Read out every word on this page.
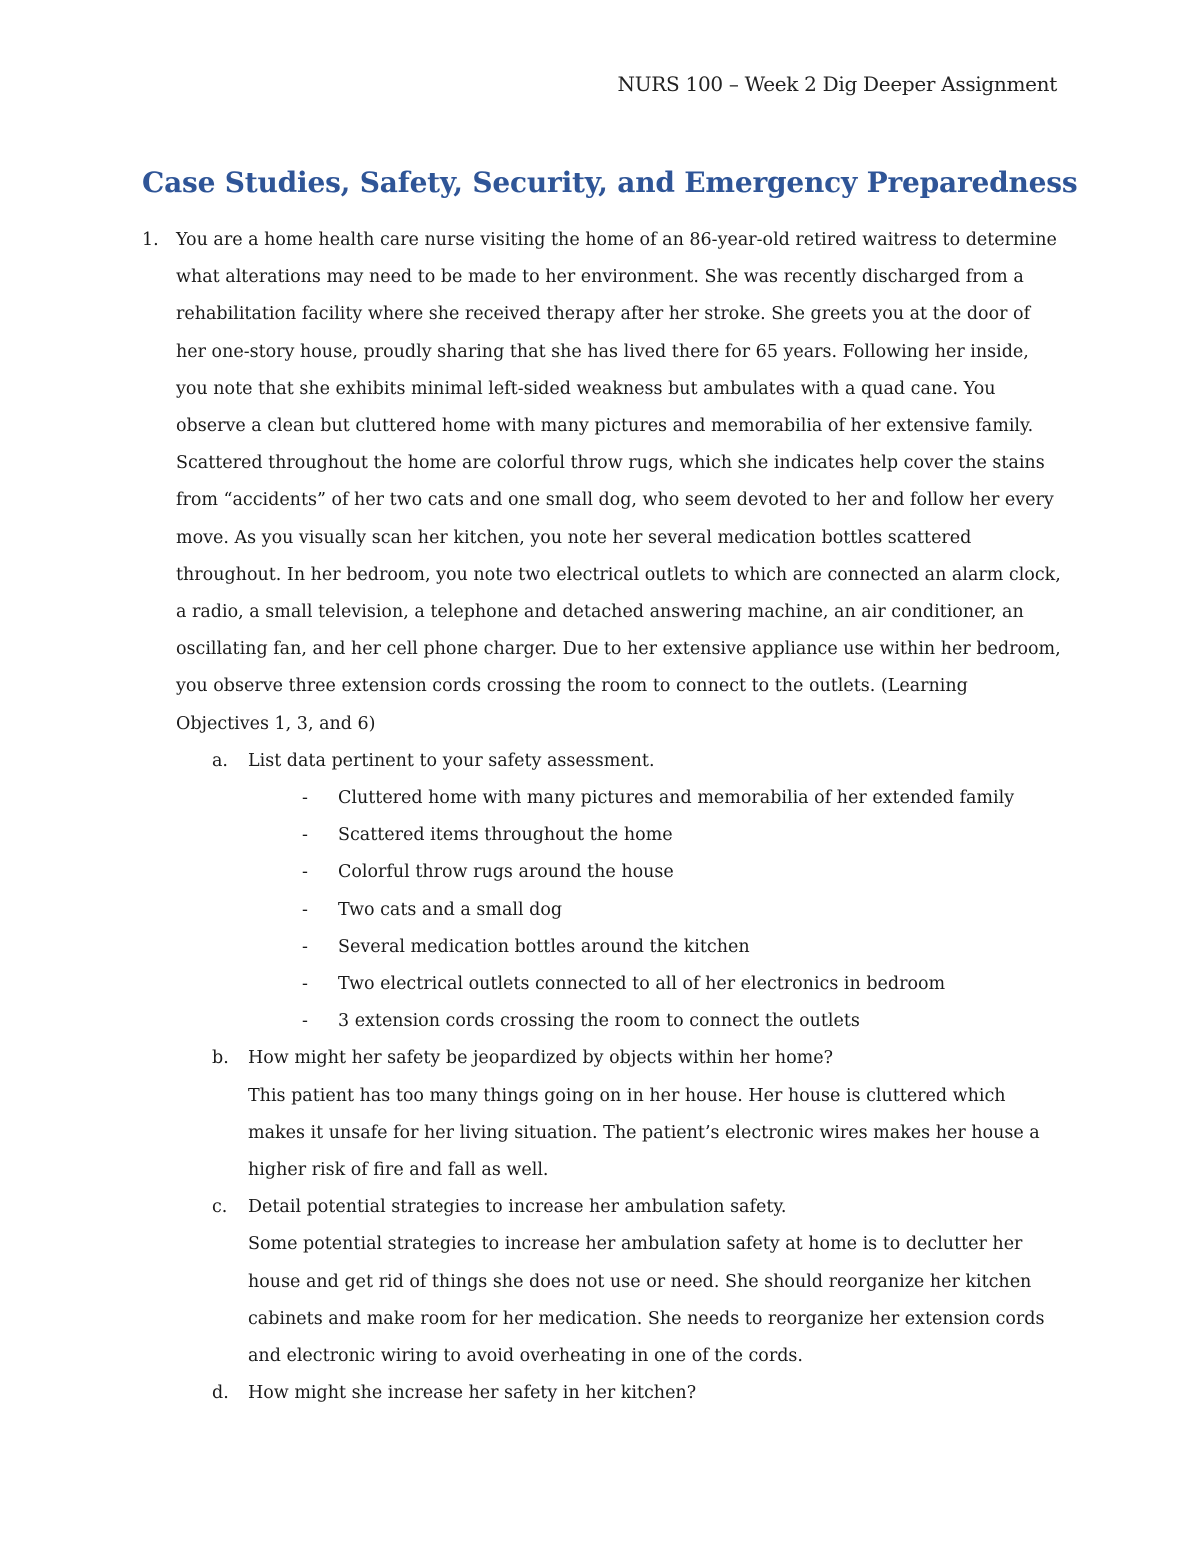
NURS 100 – Week 2 Dig Deeper Assignment
Case Studies, Safety, Security, and Emergency Preparedness
1. You are a home health care nurse visiting the home of an 86-year-old retired waitress to determine what alterations may need to be made to her environment. She was recently discharged from a rehabilitation facility where she received therapy after her stroke. She greets you at the door of her one-story house, proudly sharing that she has lived there for 65 years. Following her inside, you note that she exhibits minimal left-sided weakness but ambulates with a quad cane. You observe a clean but cluttered home with many pictures and memorabilia of her extensive family. Scattered throughout the home are colorful throw rugs, which she indicates help cover the stains from “accidents” of her two cats and one small dog, who seem devoted to her and follow her every move. As you visually scan her kitchen, you note her several medication bottles scattered throughout. In her bedroom, you note two electrical outlets to which are connected an alarm clock, a radio, a small television, a telephone and detached answering machine, an air conditioner, an oscillating fan, and her cell phone charger. Due to her extensive appliance use within her bedroom, you observe three extension cords crossing the room to connect to the outlets. (Learning Objectives 1, 3, and 6)
a.	List data pertinent to your safety assessment.
-	Cluttered home with many pictures and memorabilia of her extended family
-	Scattered items throughout the home
-	Colorful throw rugs around the house
-	Two cats and a small dog
-	Several medication bottles around the kitchen
-	Two electrical outlets connected to all of her electronics in bedroom
-	3 extension cords crossing the room to connect the outlets
b.	How might her safety be jeopardized by objects within her home?
This patient has too many things going on in her house. Her house is cluttered which makes it unsafe for her living situation. The patient’s electronic wires makes her house a higher risk of fire and fall as well.
c.	Detail potential strategies to increase her ambulation safety.
Some potential strategies to increase her ambulation safety at home is to declutter her house and get rid of things she does not use or need. She should reorganize her kitchen cabinets and make room for her medication. She needs to reorganize her extension cords and electronic wiring to avoid overheating in one of the cords.
d.	How might she increase her safety in her kitchen?
